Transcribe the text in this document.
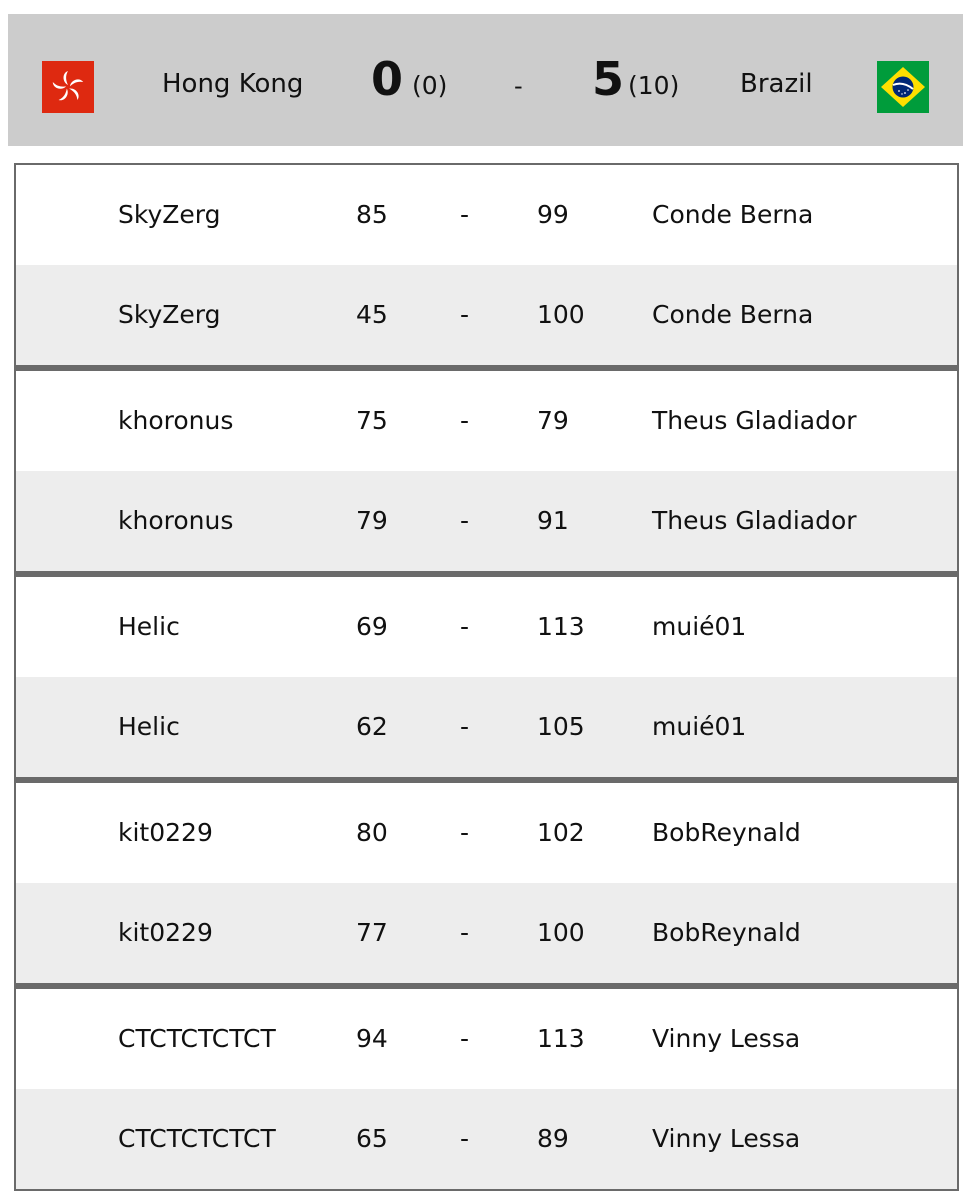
Hong Kong 0 (0)	- 5 (10) Brazil
SkyZerg	85	-	99	Conde Berna
SkyZerg	45	-	100	Conde Berna
khoronus	75	-	79	Theus Gladiador
khoronus	79	-	91	Theus Gladiador
Helic	69	-	113	muié01
Helic	62	-	105	muié01
kit0229	80	-	102	BobReynald
kit0229	77	-	100	BobReynald
CTCTCTCTCT	94	-	113	Vinny Lessa
CTCTCTCTCT	65	-	89	Vinny Lessa
